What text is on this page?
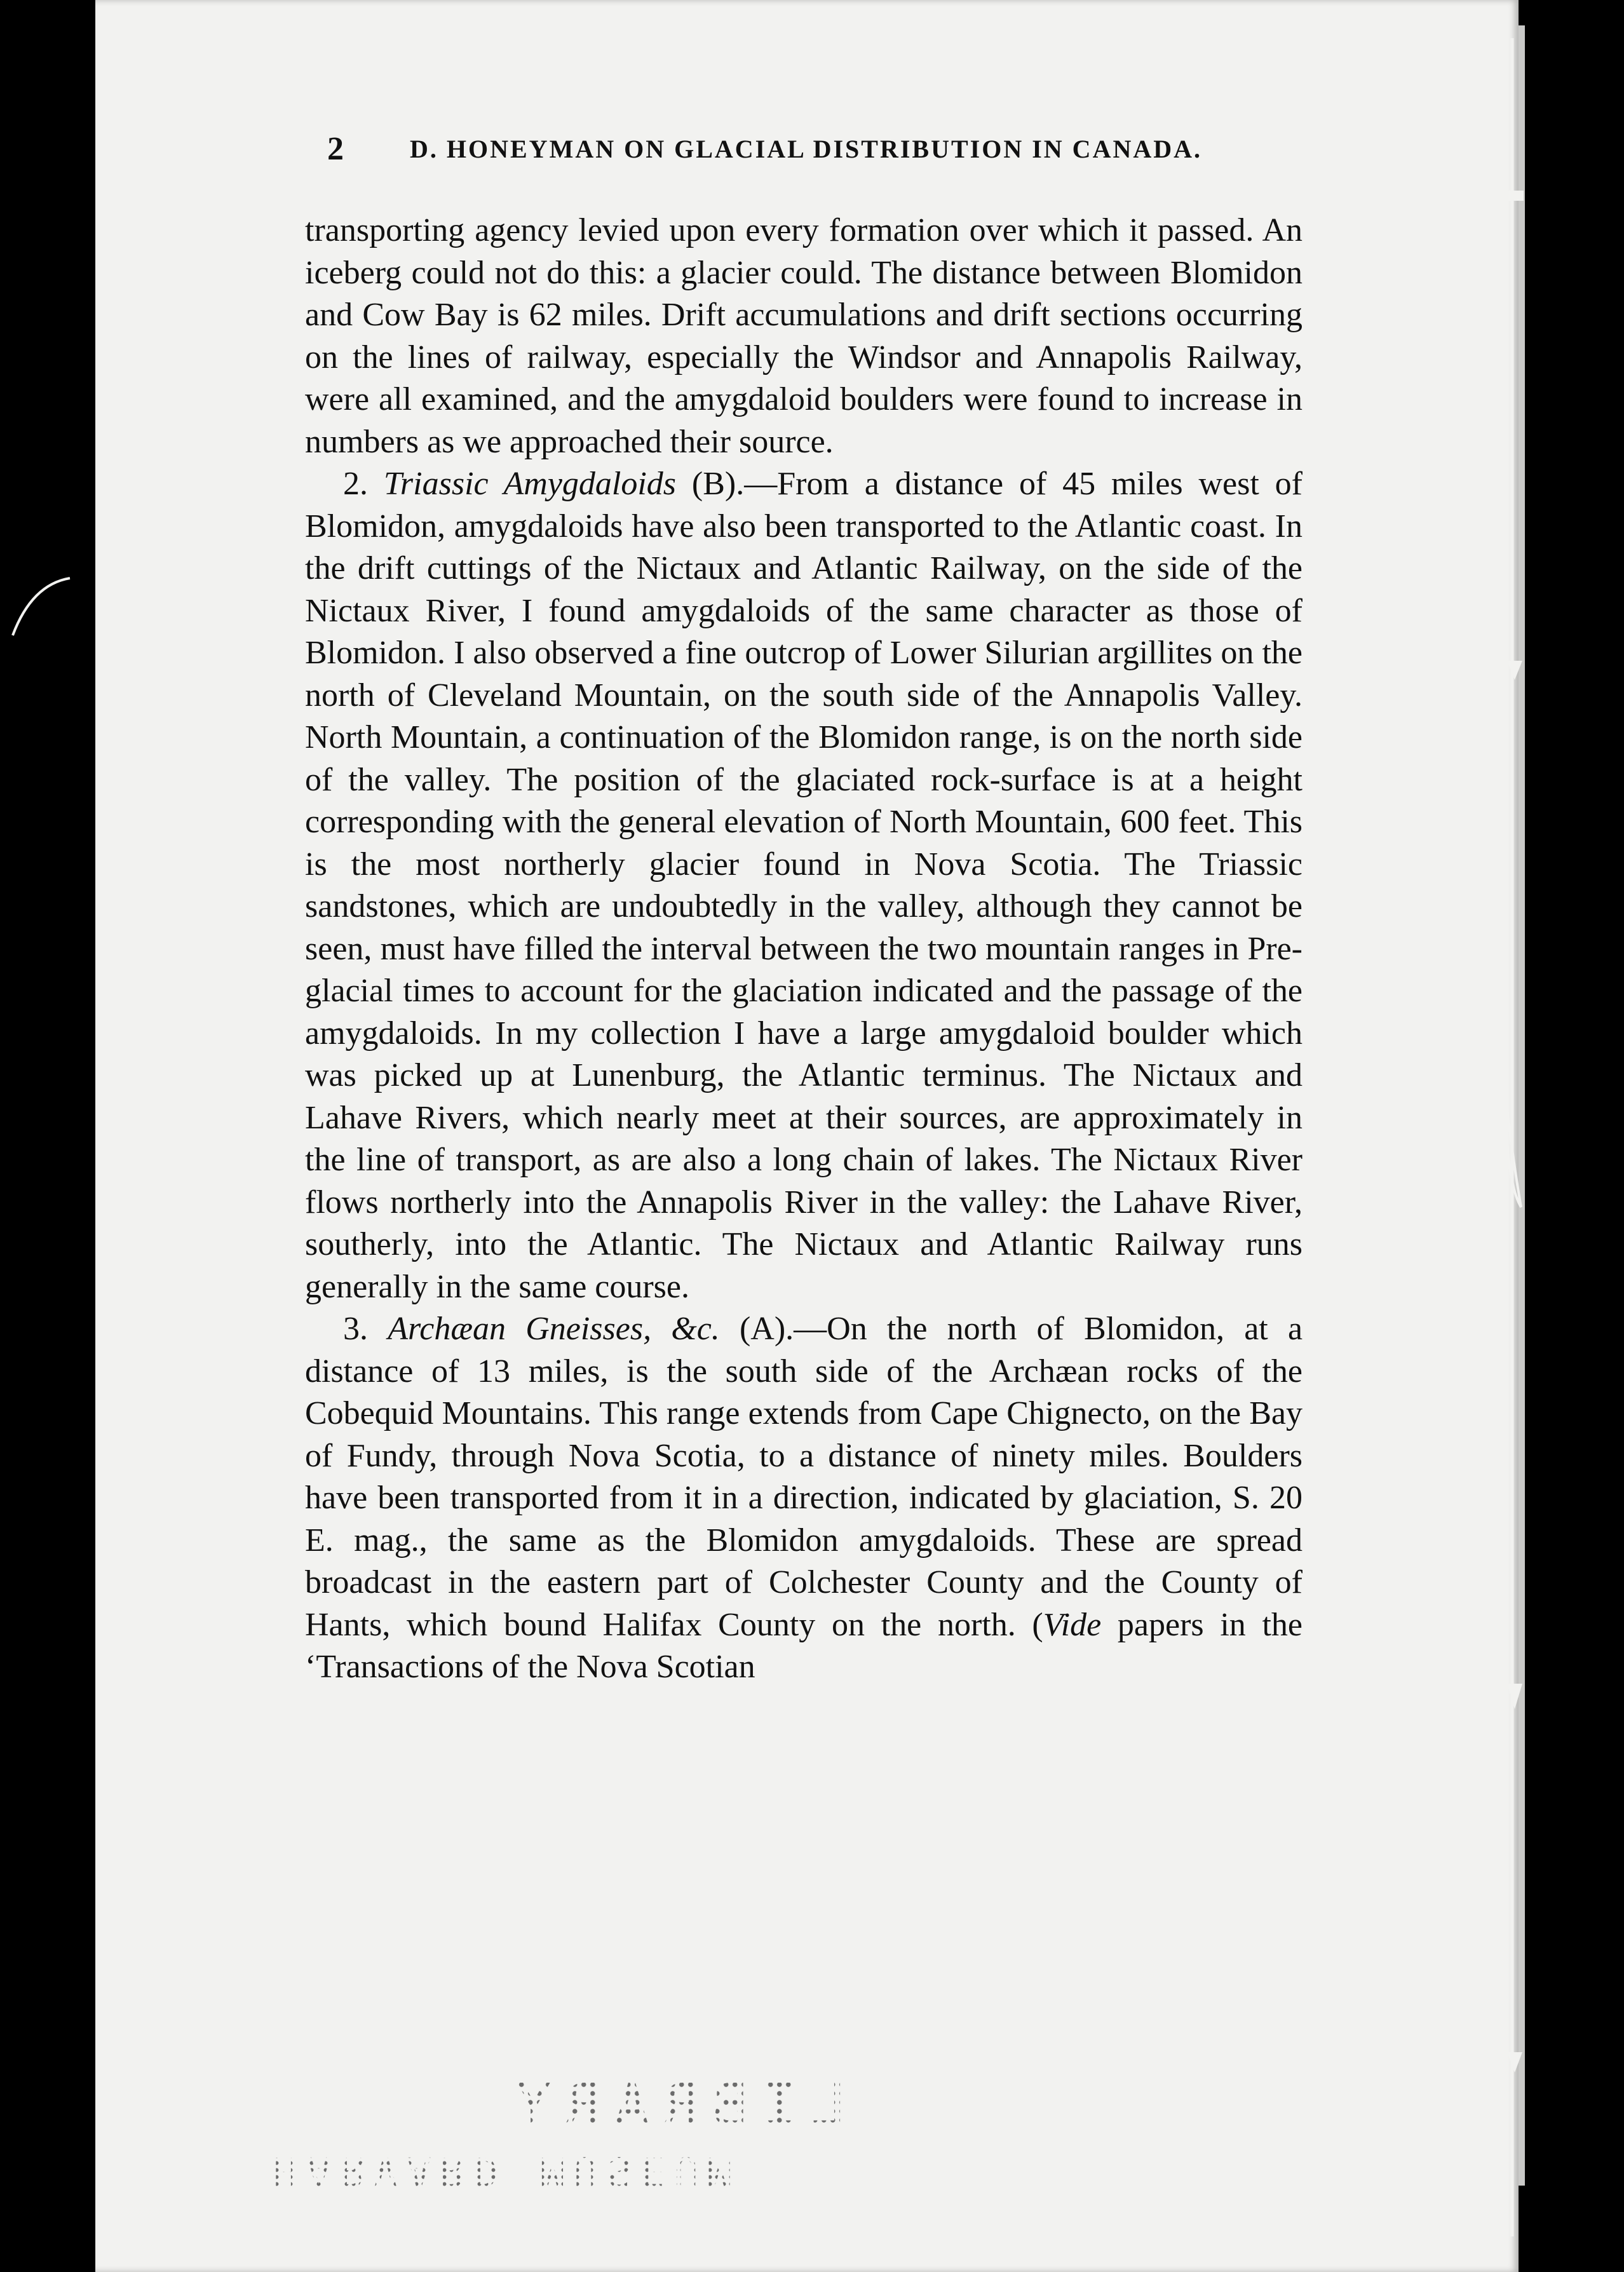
2	D. HONEYMAN ON GLACIAL DISTRIBUTION IN CANADA.

transporting agency levied upon every formation over which it passed. An iceberg could not do this: a glacier could. The distance between Blomidon and Cow Bay is 62 miles. Drift accumulations and drift sections occurring on the lines of railway, especially the Windsor and Annapolis Railway, were all examined, and the amygdaloid boulders were found to increase in numbers as we approached their source.

2. Triassic Amygdaloids (B).—From a distance of 45 miles west of Blomidon, amygdaloids have also been transported to the Atlantic coast. In the drift cuttings of the Nictaux and Atlantic Railway, on the side of the Nictaux River, I found amygdaloids of the same character as those of Blomidon. I also observed a fine outcrop of Lower Silurian argillites on the north of Cleveland Mountain, on the south side of the Annapolis Valley. North Mountain, a continuation of the Blomidon range, is on the north side of the valley. The position of the glaciated rock-surface is at a height corresponding with the general elevation of North Mountain, 600 feet. This is the most northerly glacier found in Nova Scotia. The Triassic sandstones, which are undoubtedly in the valley, although they cannot be seen, must have filled the interval between the two mountain ranges in Pre-glacial times to account for the glaciation indicated and the passage of the amygdaloids. In my collection I have a large amygdaloid boulder which was picked up at Lunenburg, the Atlantic terminus. The Nictaux and Lahave Rivers, which nearly meet at their sources, are approximately in the line of transport, as are also a long chain of lakes. The Nictaux River flows northerly into the Annapolis River in the valley: the Lahave River, southerly, into the Atlantic. The Nictaux and Atlantic Railway runs generally in the same course.

3. Archæan Gneisses, &c. (A).—On the north of Blomidon, at a distance of 13 miles, is the south side of the Archæan rocks of the Cobequid Mountains. This range extends from Cape Chignecto, on the Bay of Fundy, through Nova Scotia, to a distance of ninety miles. Boulders have been transported from it in a direction, indicated by glaciation, S. 20 E. mag., the same as the Blomidon amygdaloids. These are spread broadcast in the eastern part of Colchester County and the County of Hants, which bound Halifax County on the north. (Vide papers in the ‘Transactions of the Nova Scotian

LIBRARY
HARVARD MUSEUM
